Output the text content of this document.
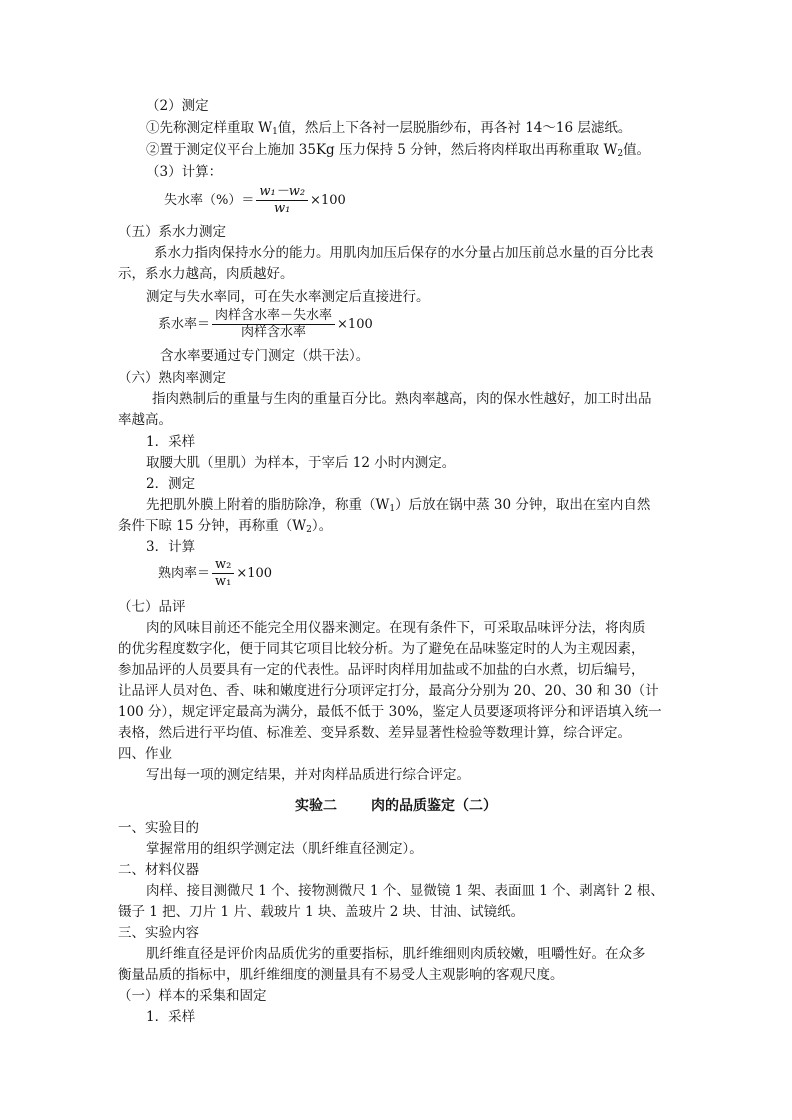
（2）测定
①先称测定样重取 $W_1$值，然后上下各衬一层脱脂纱布，再各衬 14～16 层滤纸。
②置于测定仪平台上施加 35Kg 压力保持 5 分钟，然后将肉样取出再称重取 $W_2$值。
（3）计算：
失水率（%）＝ $\frac{\text{w₁－w₂}}{\text{w₁}} \times 100$
（五）系水力测定
系水力指肉保持水分的能力。用肌肉加压后保存的水分量占加压前总水量的百分比表
示，系水力越高，肉质越好。
测定与失水率同，可在失水率测定后直接进行。
系水率＝ $\frac{\text{肉样含水率－失水率}}{\text{肉样含水率}} \times 100$
含水率要通过专门测定（烘干法）。
（六）熟肉率测定
指肉熟制后的重量与生肉的重量百分比。熟肉率越高，肉的保水性越好，加工时出品
率越高。
1．采样
取腰大肌（里肌）为样本，于宰后 12 小时内测定。
2．测定
先把肌外膜上附着的脂肪除净，称重$(W_1)$后放在锅中蒸 30 分钟，取出在室内自然
条件下晾 15 分钟，再称重$(W_2)$。
3．计算
熟肉率＝ $\frac{\text{w₂}}{\text{w₁}} \times 100$
（七）品评
肉的风味目前还不能完全用仪器来测定。在现有条件下，可采取品味评分法，将肉质
的优劣程度数字化，便于同其它项目比较分析。为了避免在品味鉴定时的人为主观因素，
参加品评的人员要具有一定的代表性。品评时肉样用加盐或不加盐的白水煮，切后编号，
让品评人员对色、香、味和嫩度进行分项评定打分，最高分分别为 20、20、30 和 30（计
100 分），规定评定最高为满分，最低不低于 30%，鉴定人员要逐项将评分和评语填入统一
表格，然后进行平均值、标准差、变异系数、差异显著性检验等数理计算，综合评定。
四、作业
写出每一项的测定结果，并对肉样品质进行综合评定。
实验二 肉的品质鉴定（二）
一、实验目的
掌握常用的组织学测定法（肌纤维直径测定）。
二、材料仪器
肉样、接目测微尺 1 个、接物测微尺 1 个、显微镜 1 架、表面皿 1 个、剥离针 2 根、
镊子 1 把、刀片 1 片、载玻片 1 块、盖玻片 2 块、甘油、试镜纸。
三、实验内容
肌纤维直径是评价肉品质优劣的重要指标，肌纤维细则肉质较嫩，咀嚼性好。在众多
衡量品质的指标中，肌纤维细度的测量具有不易受人主观影响的客观尺度。
（一）样本的采集和固定
1．采样
